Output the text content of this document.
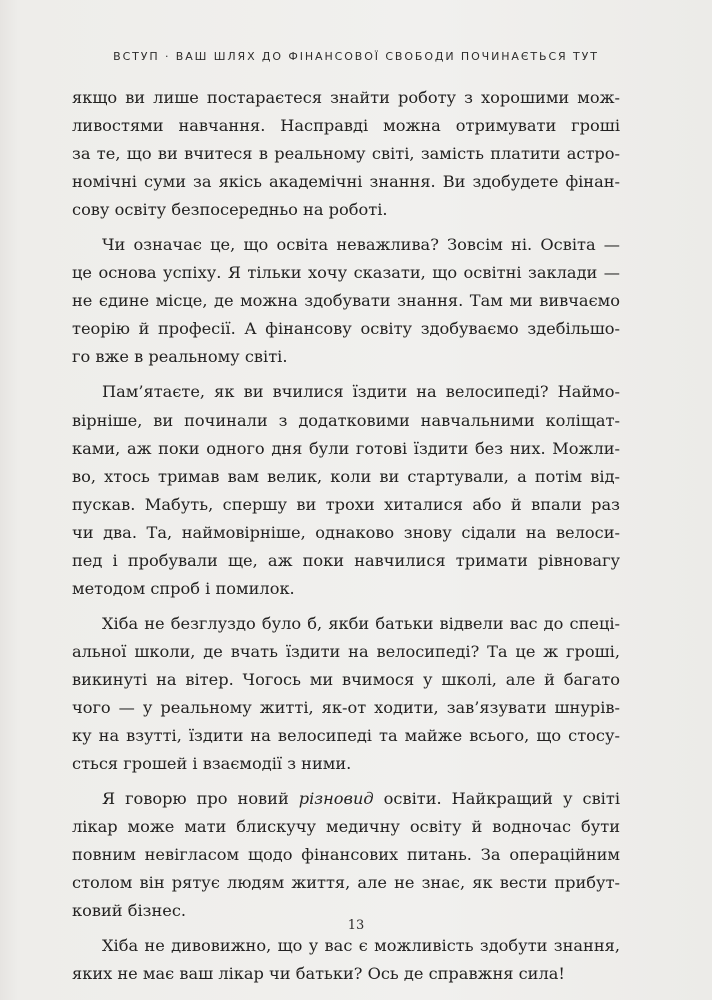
ВСТУП · ВАШ ШЛЯХ ДО ФІНАНСОВОЇ СВОБОДИ ПОЧИНАЄТЬСЯ ТУТ
якщо ви лише постараєтеся знайти роботу з хорошими мож-
ливостями навчання. Насправді можна отримувати гроші
за те, що ви вчитеся в реальному світі, замість платити астро-
номічні суми за якісь академічні знання. Ви здобудете фінан-
сову освіту безпосередньо на роботі.
Чи означає це, що освіта неважлива? Зовсім ні. Освіта —
це основа успіху. Я тільки хочу сказати, що освітні заклади —
не єдине місце, де можна здобувати знання. Там ми вивчаємо
теорію й професії. А фінансову освіту здобуваємо здебільшо-
го вже в реальному світі.
Пам’ятаєте, як ви вчилися їздити на велосипеді? Наймо-
вірніше, ви починали з додатковими навчальними коліщат-
ками, аж поки одного дня були готові їздити без них. Можли-
во, хтось тримав вам велик, коли ви стартували, а потім від-
пускав. Мабуть, спершу ви трохи хиталися або й впали раз
чи два. Та, наймовірніше, однаково знову сідали на велоси-
пед і пробували ще, аж поки навчилися тримати рівновагу
методом спроб і помилок.
Хіба не безглуздо було б, якби батьки відвели вас до спеці-
альної школи, де вчать їздити на велосипеді? Та це ж гроші,
викинуті на вітер. Чогось ми вчимося у школі, але й багато
чого — у реальному житті, як-от ходити, зав’язувати шнурів-
ку на взутті, їздити на велосипеді та майже всього, що стосу-
сться грошей і взаємодії з ними.
Я говорю про новий різновид освіти. Найкращий у світі
лікар може мати блискучу медичну освіту й водночас бути
повним невігласом щодо фінансових питань. За операційним
столом він рятує людям життя, але не знає, як вести прибут-
ковий бізнес.
Хіба не дивовижно, що у вас є можливість здобути знання,
яких не має ваш лікар чи батьки? Ось де справжня сила!
13
